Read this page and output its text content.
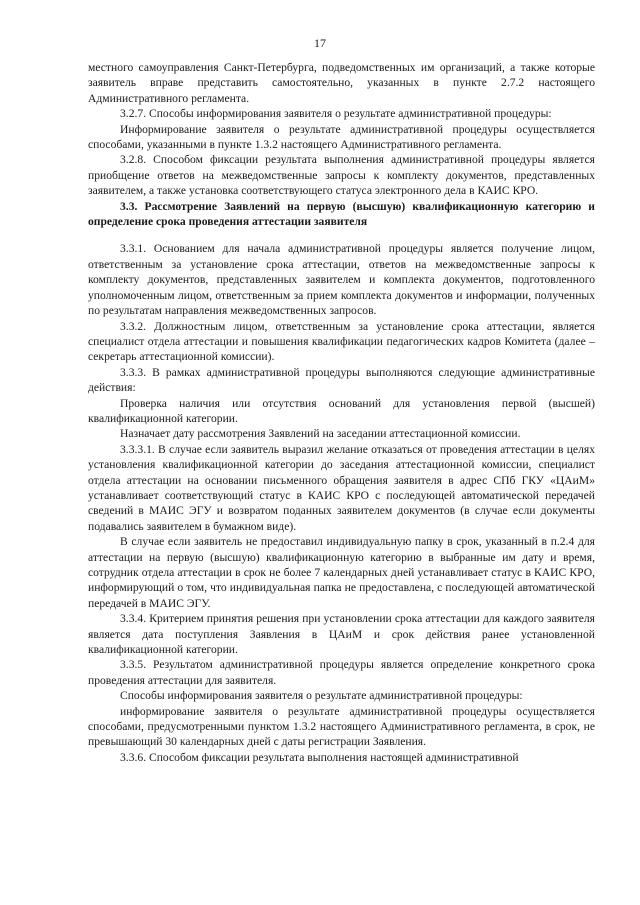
17

местного самоуправления Санкт-Петербурга, подведомственных им организаций, а также которые заявитель вправе представить самостоятельно, указанных в пункте 2.7.2 настоящего Административного регламента.

3.2.7. Способы информирования заявителя о результате административной процедуры:

Информирование заявителя о результате административной процедуры осуществляется способами, указанными в пункте 1.3.2 настоящего Административного регламента.

3.2.8. Способом фиксации результата выполнения административной процедуры является приобщение ответов на межведомственные запросы к комплекту документов, представленных заявителем, а также установка соответствующего статуса электронного дела в КАИС КРО.

3.3. Рассмотрение Заявлений на первую (высшую) квалификационную категорию и определение срока проведения аттестации заявителя

3.3.1. Основанием для начала административной процедуры является получение лицом, ответственным за установление срока аттестации, ответов на межведомственные запросы к комплекту документов, представленных заявителем и комплекта документов, подготовленного уполномоченным лицом, ответственным за прием комплекта документов и информации, полученных по результатам направления межведомственных запросов.

3.3.2. Должностным лицом, ответственным за установление срока аттестации, является специалист отдела аттестации и повышения квалификации педагогических кадров Комитета (далее – секретарь аттестационной комиссии).

3.3.3. В рамках административной процедуры выполняются следующие административные действия:

Проверка наличия или отсутствия оснований для установления первой (высшей) квалификационной категории.

Назначает дату рассмотрения Заявлений на заседании аттестационной комиссии.

3.3.3.1. В случае если заявитель выразил желание отказаться от проведения аттестации в целях установления квалификационной категории до заседания аттестационной комиссии, специалист отдела аттестации на основании письменного обращения заявителя в адрес СПб ГКУ «ЦАиМ» устанавливает соответствующий статус в КАИС КРО с последующей автоматической передачей сведений в МАИС ЭГУ и возвратом поданных заявителем документов (в случае если документы подавались заявителем в бумажном виде).

В случае если заявитель не предоставил индивидуальную папку в срок, указанный в п.2.4 для аттестации на первую (высшую) квалификационную категорию в выбранные им дату и время, сотрудник отдела аттестации в срок не более 7 календарных дней устанавливает статус в КАИС КРО, информирующий о том, что индивидуальная папка не предоставлена, с последующей автоматической передачей в МАИС ЭГУ.

3.3.4. Критерием принятия решения при установлении срока аттестации для каждого заявителя является дата поступления Заявления в ЦАиМ и срок действия ранее установленной квалификационной категории.

3.3.5. Результатом административной процедуры является определение конкретного срока проведения аттестации для заявителя.

Способы информирования заявителя о результате административной процедуры:

информирование заявителя о результате административной процедуры осуществляется способами, предусмотренными пунктом 1.3.2 настоящего Административного регламента, в срок, не превышающий 30 календарных дней с даты регистрации Заявления.

3.3.6. Способом фиксации результата выполнения настоящей административной
